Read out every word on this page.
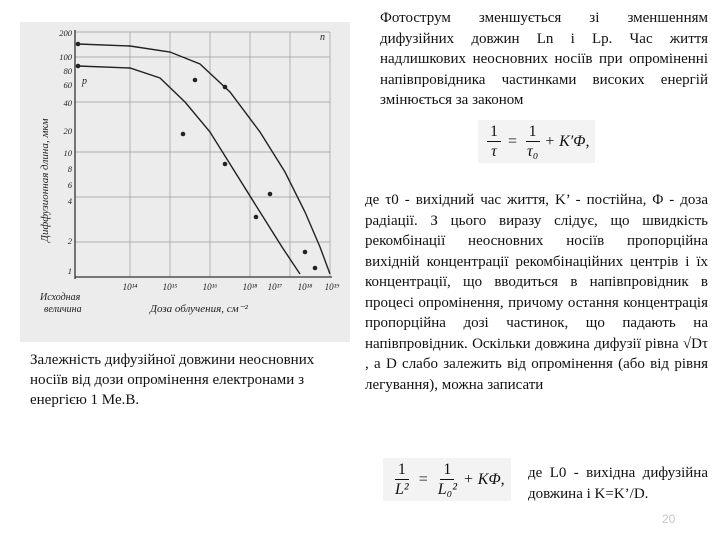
200
100
80
60
40
20
10
8
6
4
2
1
Диффузионная длина, мкм
10¹⁴	10¹⁵	10¹⁶	10¹⁸ 10¹⁷ 10¹⁸ 10¹⁹
Исходная
величина	Доза облучения, см⁻²
n
p
Залежність дифузійної довжини неосновних носіїв від дози опромінення електронами з енергією 1 Ме.В.
Фотострум зменшується зі зменшенням дифузійних довжин Ln і Lp. Час життя надлишкових неосновних носіїв при опроміненні напівпровідника частинками високих енергій змінюється за законом
$\frac{1}{\tau} = \frac{1}{\text{τ₀}} + K'\Phi$,
де τ0 - вихідний час життя, K’ - постійна, Φ - доза радіації. З цього виразу слідує, що швидкість рекомбінації неосновних носіїв пропорційна вихідній концентрації рекомбінаційних центрів і їх концентрації, що вводиться в напівпровідник в процесі опромінення, причому остання концентрація пропорційна дозі частинок, що падають на напівпровідник. Оскільки довжина дифузії рівна √Dτ , а D слабо залежить від опромінення (або від рівня легування), можна записати
$\frac{1}{\text{L²}} = \frac{1}{\text{L₀²}} + K\Phi$, де L0 - вихідна дифузійна довжина і K=K’/D.
20
